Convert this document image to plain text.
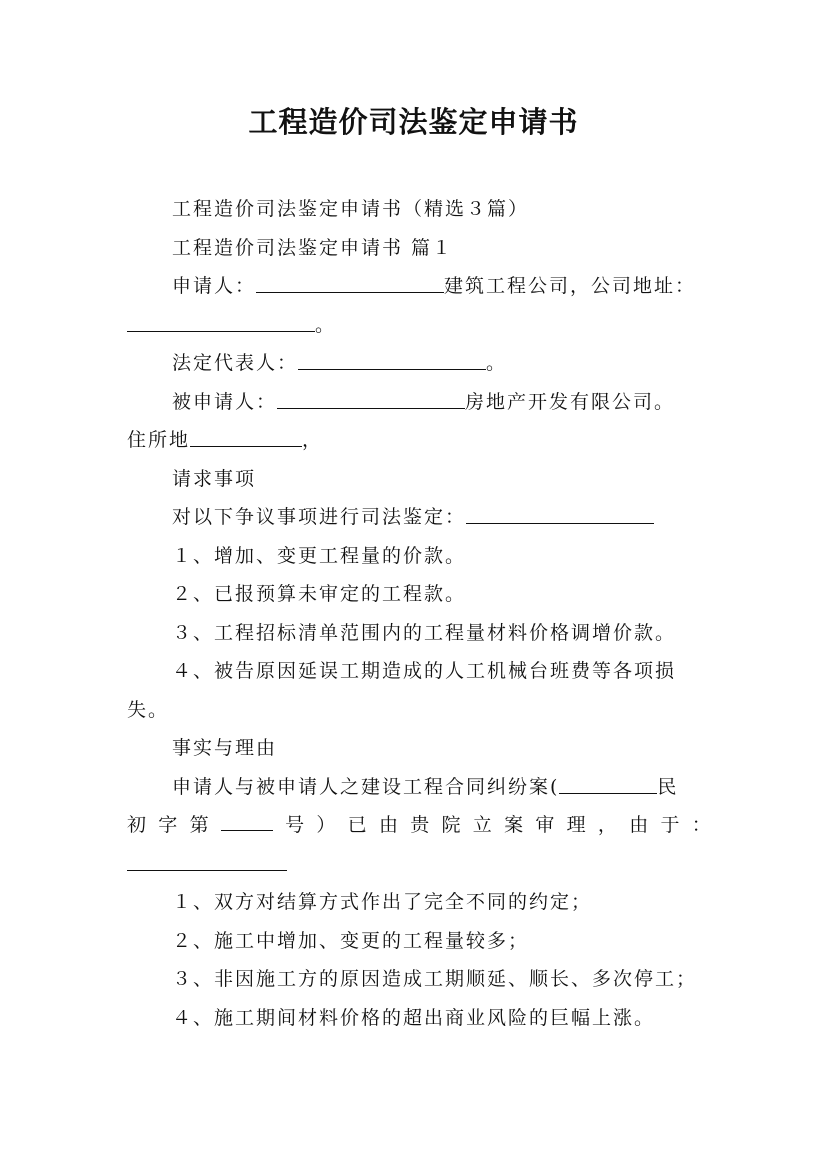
工程造价司法鉴定申请书
工程造价司法鉴定申请书（精选３篇）
工程造价司法鉴定申请书 篇１
申请人：	建筑工程公司，公司地址：
。
法定代表人：	。
被申请人：	房地产开发有限公司。
住所地	，
请求事项
对以下争议事项进行司法鉴定：
１、增加、变更工程量的价款。
２、已报预算未审定的工程款。
３、工程招标清单范围内的工程量材料价格调增价款。
４、被告原因延误工期造成的人工机械台班费等各项损
失。
事实与理由
申请人与被申请人之建设工程合同纠纷案(	民
初 字 第	号 ） 已 由 贵 院 立 案 审 理 ， 由 于 ：
１、双方对结算方式作出了完全不同的约定；
２、施工中增加、变更的工程量较多；
３、非因施工方的原因造成工期顺延、顺长、多次停工；
４、施工期间材料价格的超出商业风险的巨幅上涨。
